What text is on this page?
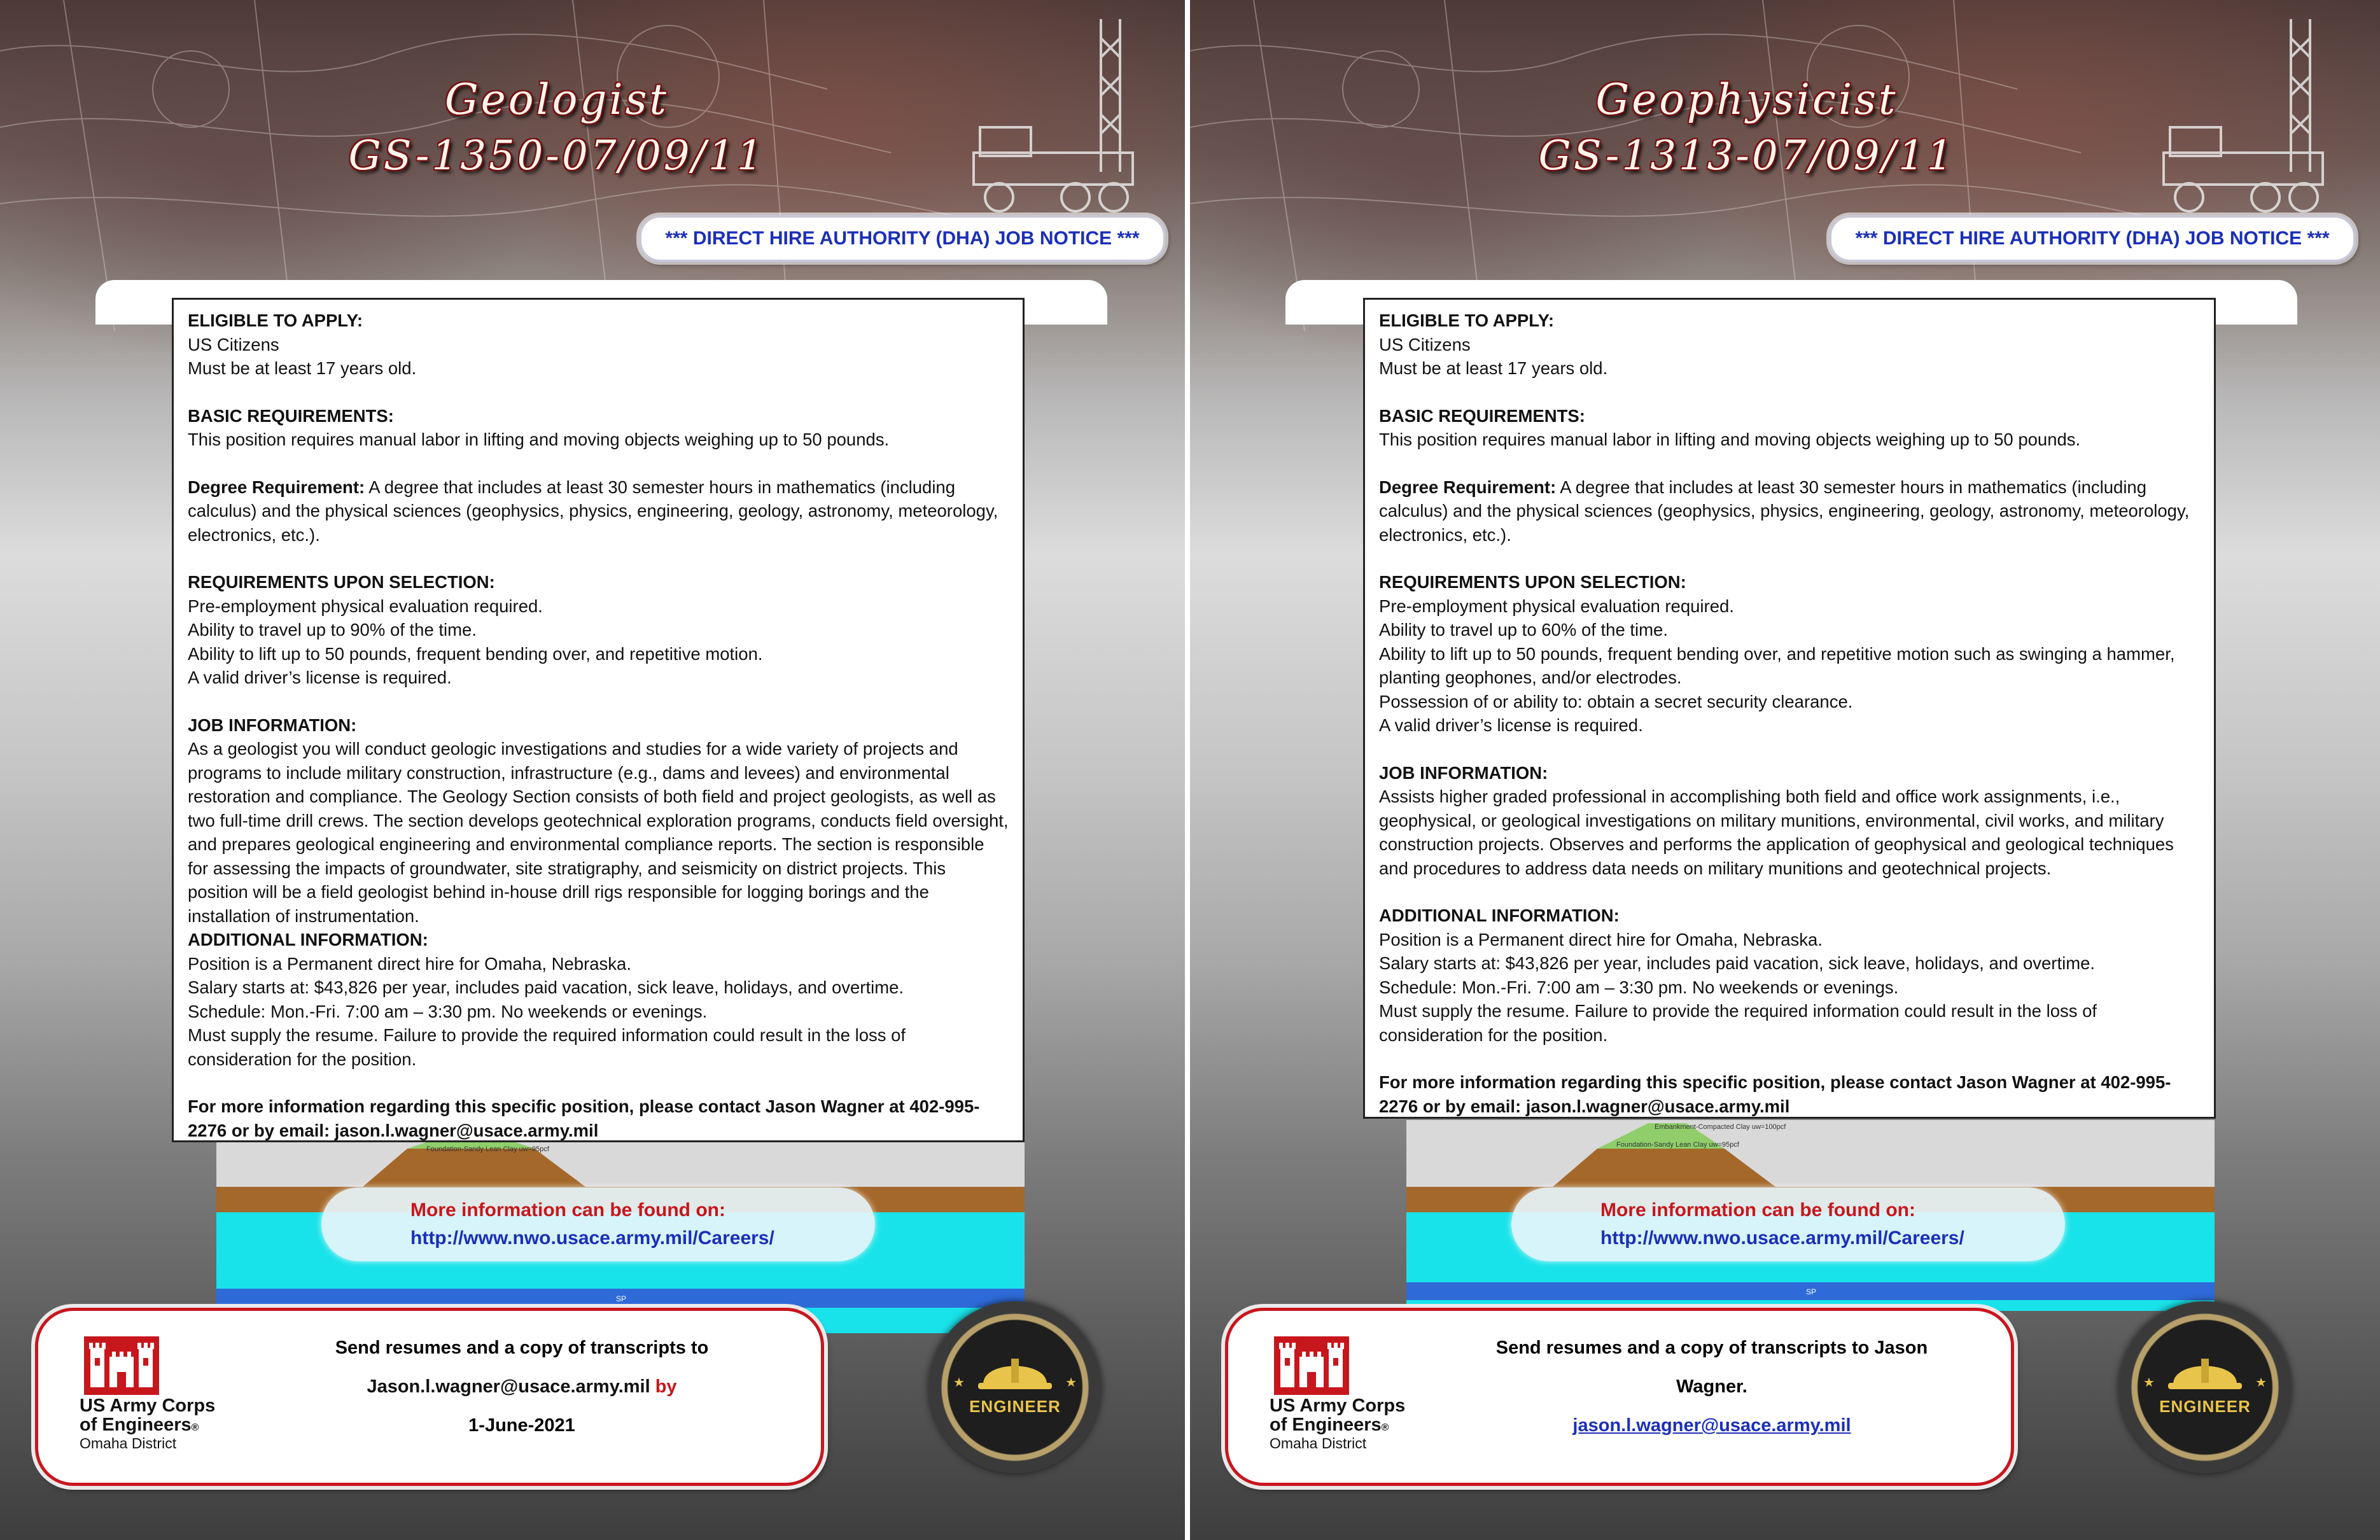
Geologist
GS-1350-07/09/11
*** DIRECT HIRE AUTHORITY (DHA) JOB NOTICE ***

ELIGIBLE TO APPLY:

US Citizens

Must be at least 17 years old.

BASIC REQUIREMENTS:

This position requires manual labor in lifting and moving objects weighing up to 50 pounds.

Degree Requirement: A degree that includes at least 30 semester hours in mathematics (including calculus) and the physical sciences (geophysics, physics, engineering, geology, astronomy, meteorology, electronics, etc.).

REQUIREMENTS UPON SELECTION:

Pre-employment physical evaluation required.

Ability to travel up to 90% of the time.

Ability to lift up to 50 pounds, frequent bending over, and repetitive motion.

A valid driver’s license is required.

JOB INFORMATION:

As a geologist you will conduct geologic investigations and studies for a wide variety of projects and programs to include military construction, infrastructure (e.g., dams and levees) and environmental restoration and compliance. The Geology Section consists of both field and project geologists, as well as two full-time drill crews. The section develops geotechnical exploration programs, conducts field oversight, and prepares geological engineering and environmental compliance reports. The section is responsible for assessing the impacts of groundwater, site stratigraphy, and seismicity on district projects. This position will be a field geologist behind in-house drill rigs responsible for logging borings and the installation of instrumentation.

ADDITIONAL INFORMATION:

Position is a Permanent direct hire for Omaha, Nebraska.

Salary starts at: $43,826 per year, includes paid vacation, sick leave, holidays, and overtime.

Schedule: Mon.-Fri. 7:00 am – 3:30 pm. No weekends or evenings.

Must supply the resume. Failure to provide the required information could result in the loss of consideration for the position.

For more information regarding this specific position, please contact Jason Wagner at 402-995-2276 or by email: jason.l.wagner@usace.army.mil

Foundation-Sandy Lean Clay uw=95pcf
SP
More information can be found on:
http://www.nwo.usace.army.mil/Careers/
US Army Corps
of Engineers®
Omaha District
Send resumes and a copy of transcripts to
Jason.l.wagner@usace.army.mil by
1-June-2021
★	★
ENGINEER
Geophysicist
GS-1313-07/09/11
*** DIRECT HIRE AUTHORITY (DHA) JOB NOTICE ***

ELIGIBLE TO APPLY:

US Citizens

Must be at least 17 years old.

BASIC REQUIREMENTS:

This position requires manual labor in lifting and moving objects weighing up to 50 pounds.

Degree Requirement: A degree that includes at least 30 semester hours in mathematics (including calculus) and the physical sciences (geophysics, physics, engineering, geology, astronomy, meteorology, electronics, etc.).

REQUIREMENTS UPON SELECTION:

Pre-employment physical evaluation required.

Ability to travel up to 60% of the time.

Ability to lift up to 50 pounds, frequent bending over, and repetitive motion such as swinging a hammer, planting geophones, and/or electrodes.

Possession of or ability to: obtain a secret security clearance.

A valid driver’s license is required.

JOB INFORMATION:

Assists higher graded professional in accomplishing both field and office work assignments, i.e., geophysical, or geological investigations on military munitions, environmental, civil works, and military construction projects. Observes and performs the application of geophysical and geological techniques and procedures to address data needs on military munitions and geotechnical projects.

ADDITIONAL INFORMATION:

Position is a Permanent direct hire for Omaha, Nebraska.

Salary starts at: $43,826 per year, includes paid vacation, sick leave, holidays, and overtime.

Schedule: Mon.-Fri. 7:00 am – 3:30 pm. No weekends or evenings.

Must supply the resume. Failure to provide the required information could result in the loss of consideration for the position.

For more information regarding this specific position, please contact Jason Wagner at 402-995-2276 or by email: jason.l.wagner@usace.army.mil

Embankment-Compacted Clay uw=100pcf
Foundation-Sandy Lean Clay uw=95pcf
SP
More information can be found on:
http://www.nwo.usace.army.mil/Careers/
US Army Corps
of Engineers®
Omaha District
Send resumes and a copy of transcripts to Jason
Wagner.
jason.l.wagner@usace.army.mil
★	★
ENGINEER
